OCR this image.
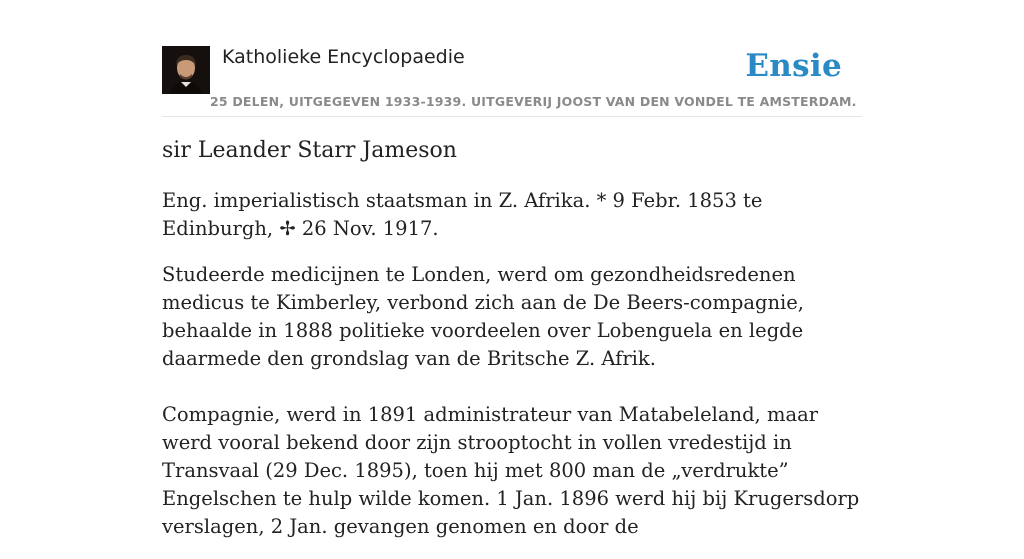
Katholieke Encyclopaedie	Ensie
25 DELEN, UITGEGEVEN 1933-1939. UITGEVERIJ JOOST VAN DEN VONDEL TE AMSTERDAM.
sir Leander Starr Jameson

Eng. imperialistisch staatsman in Z. Afrika. * 9 Febr. 1853 te Edinburgh, ✢ 26 Nov. 1917.

Studeerde medicijnen te Londen, werd om gezondheidsredenen medicus te Kimberley, verbond zich aan de De Beers-compagnie, behaalde in 1888 politieke voordeelen over Lobenguela en legde daarmede den grondslag van de Britsche Z. Afrik.

Compagnie, werd in 1891 administrateur van Matabeleland, maar werd vooral bekend door zijn strooptocht in vollen vredestijd in Transvaal (29 Dec. 1895), toen hij met 800 man de „verdrukte” Engelschen te hulp wilde komen. 1 Jan. 1896 werd hij bij Krugersdorp verslagen, 2 Jan. gevangen genomen en door de
